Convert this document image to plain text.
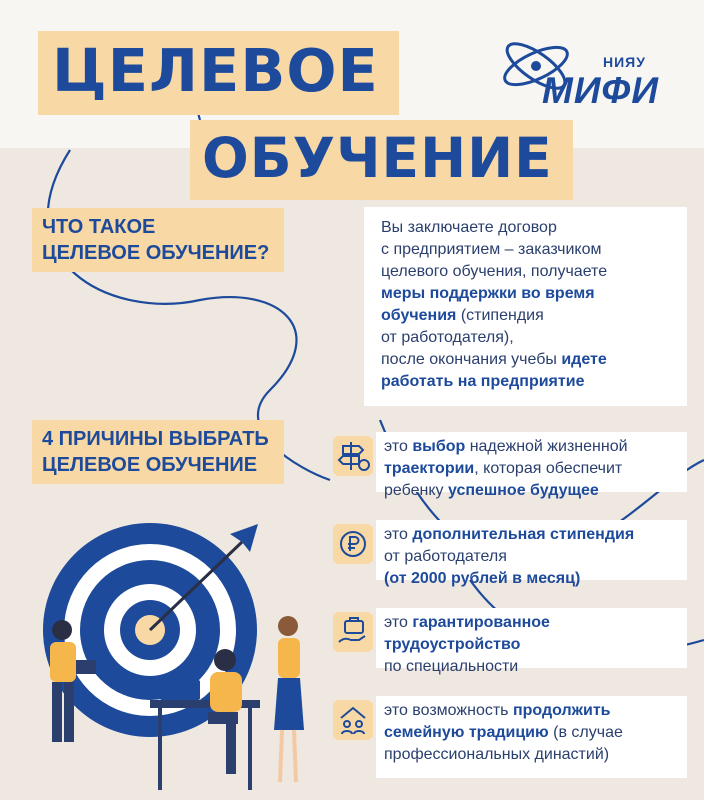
ЦЕЛЕВОЕ
ОБУЧЕНИЕ
НИЯУ
МИФИ
ЧТО ТАКОЕ
ЦЕЛЕВОЕ ОБУЧЕНИЕ?
Вы заключаете договор
с предприятием – заказчиком
целевого обучения, получаете
меры поддержки во время
обучения (стипендия
от работодателя),
после окончания учебы идете
работать на предприятие
4 ПРИЧИНЫ ВЫБРАТЬ
ЦЕЛЕВОЕ ОБУЧЕНИЕ
это выбор надежной жизненной
траектории, которая обеспечит
ребенку успешное будущее
это дополнительная стипендия
от работодателя
(от 2000 рублей в месяц)
это гарантированное
трудоустройство
по специальности
это возможность продолжить
семейную традицию (в случае
профессиональных династий)
